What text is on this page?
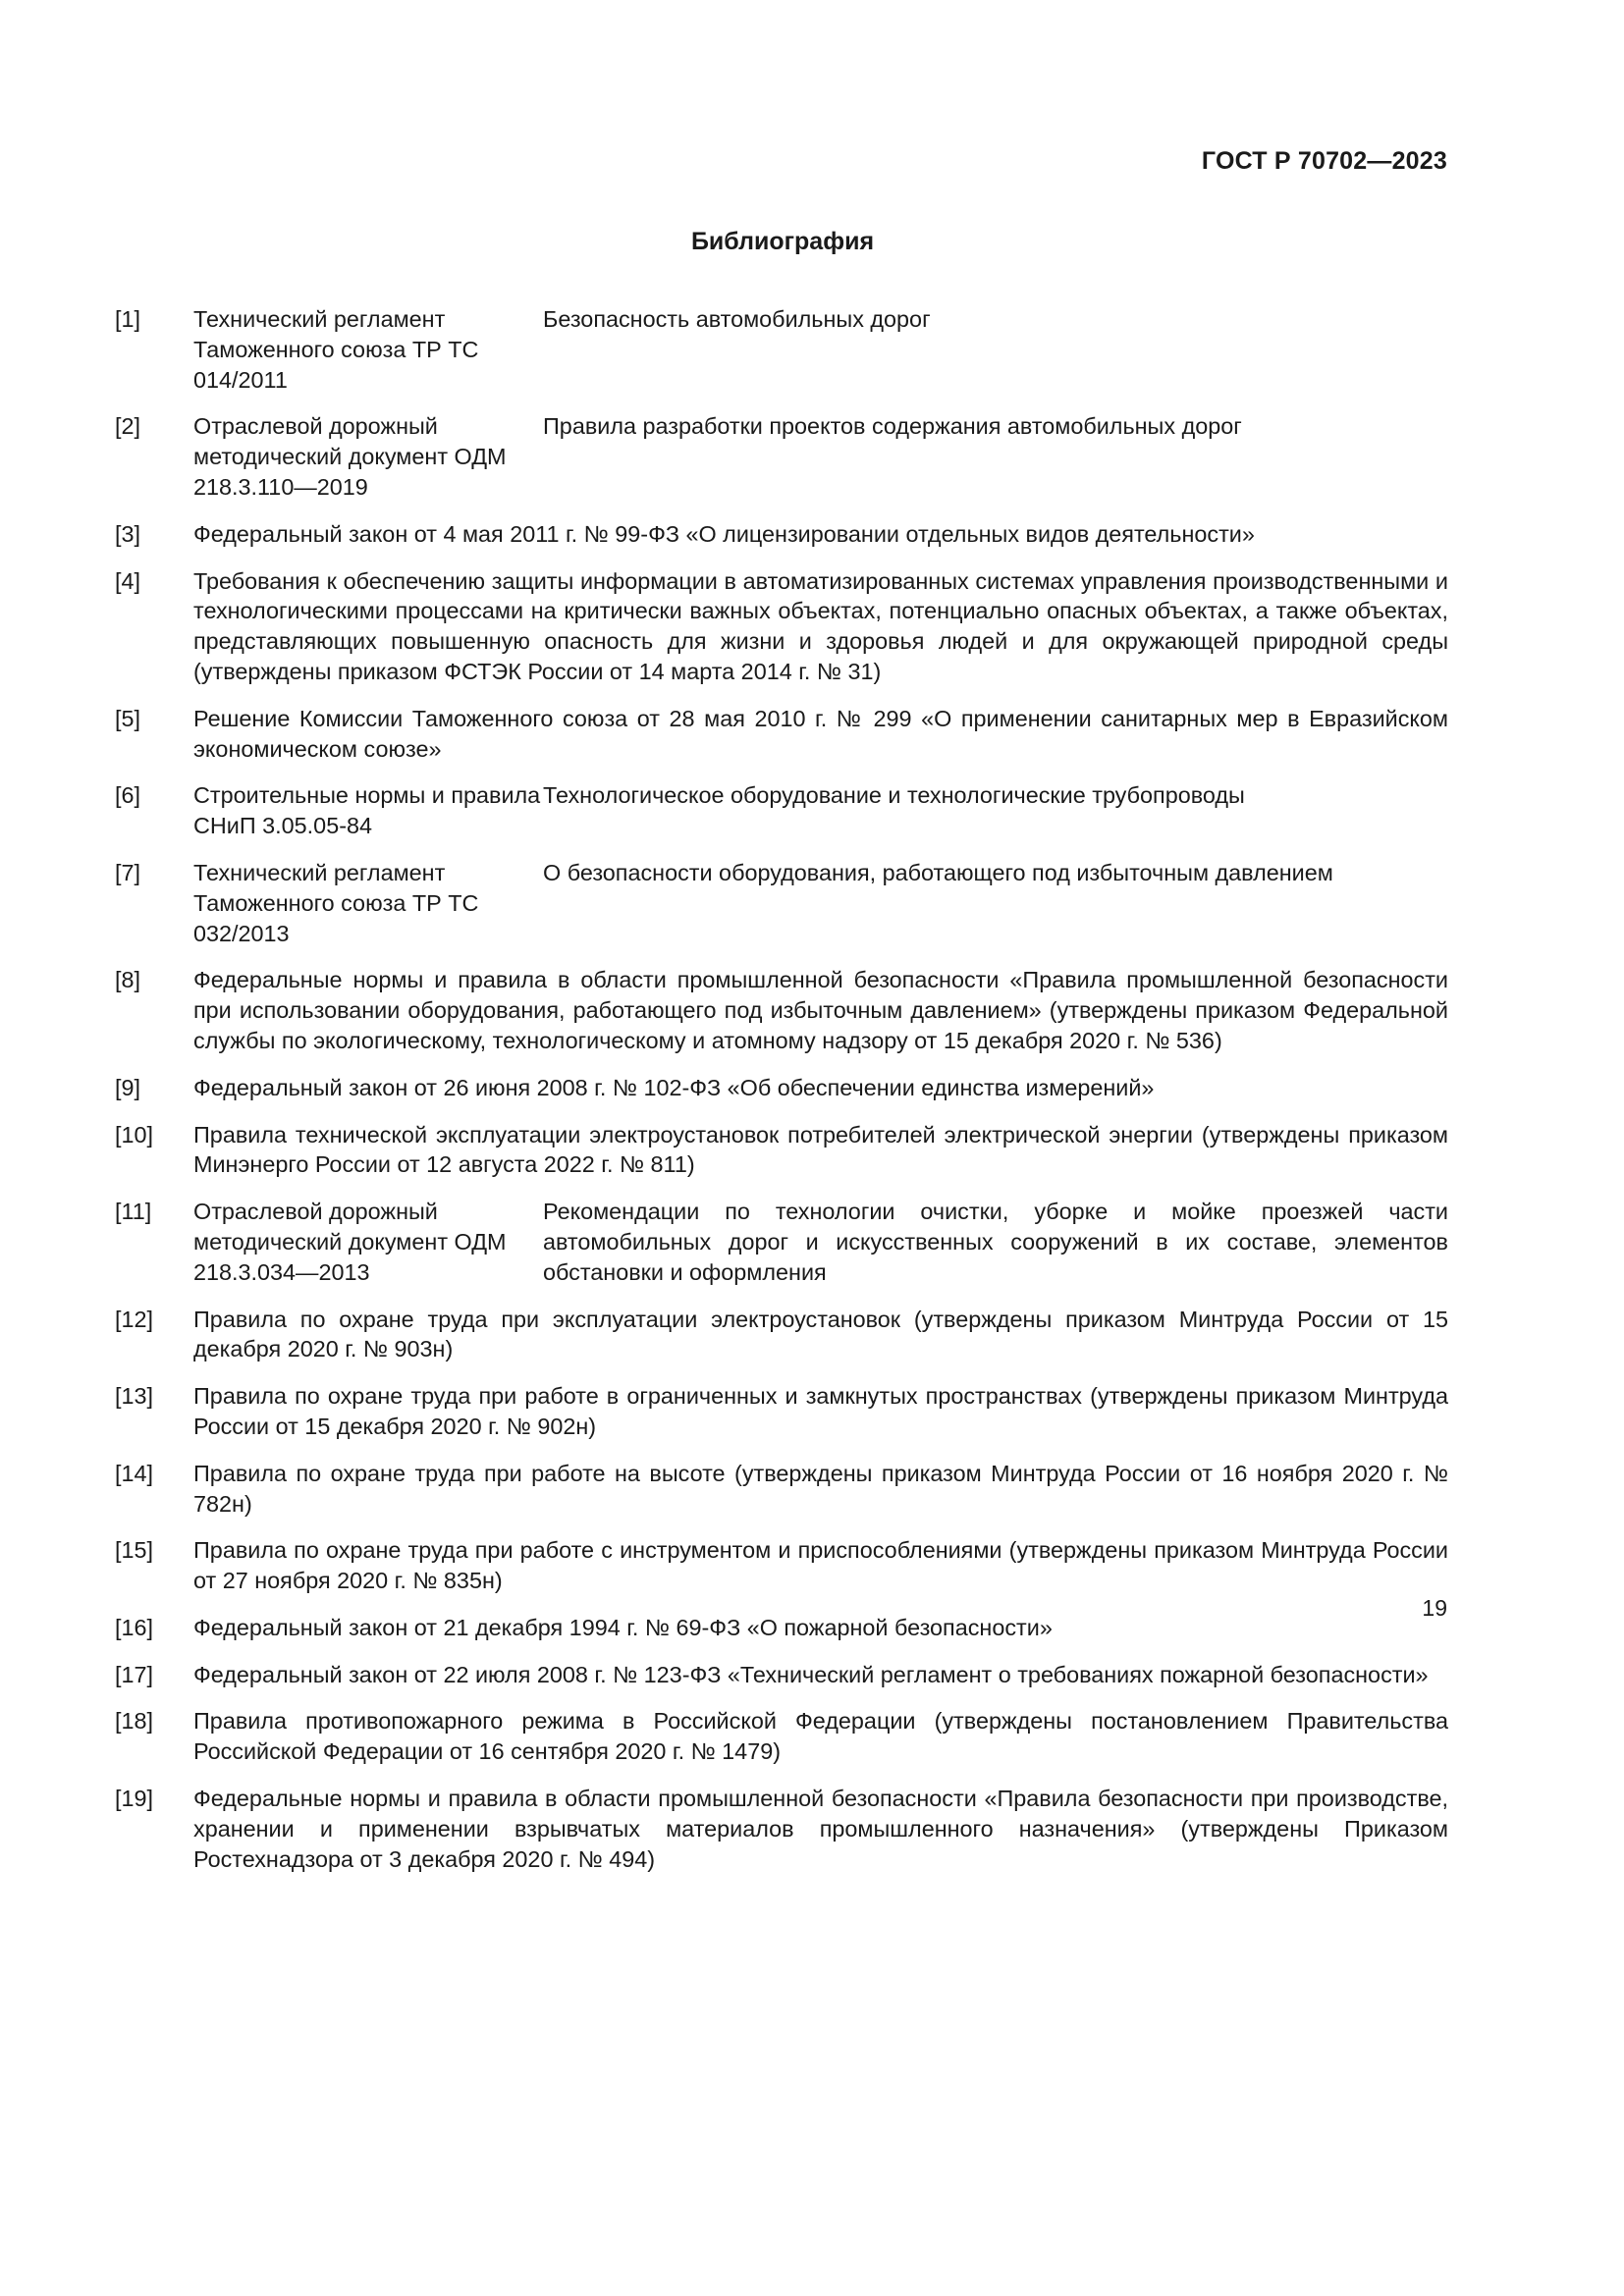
ГОСТ Р 70702—2023
Библиография
[1] Технический регламент Таможенного союза ТР ТС 014/2011
Безопасность автомобильных дорог
[2] Отраслевой дорожный методический документ ОДМ 218.3.110—2019
Правила разработки проектов содержания автомобильных дорог
[3] Федеральный закон от 4 мая 2011 г. № 99-ФЗ «О лицензировании отдельных видов деятельности»
[4] Требования к обеспечению защиты информации в автоматизированных системах управления производственными и технологическими процессами на критически важных объектах, потенциально опасных объектах, а также объектах, представляющих повышенную опасность для жизни и здоровья людей и для окружающей природной среды (утверждены приказом ФСТЭК России от 14 марта 2014 г. № 31)
[5] Решение Комиссии Таможенного союза от 28 мая 2010 г. № 299 «О применении санитарных мер в Евразийском экономическом союзе»
[6] Строительные нормы и правила СНиП 3.05.05-84
Технологическое оборудование и технологические трубопроводы
[7] Технический регламент Таможенного союза ТР ТС 032/2013
О безопасности оборудования, работающего под избыточным давлением
[8] Федеральные нормы и правила в области промышленной безопасности «Правила промышленной безопасности при использовании оборудования, работающего под избыточным давлением» (утверждены приказом Федеральной службы по экологическому, технологическому и атомному надзору от 15 декабря 2020 г. № 536)
[9] Федеральный закон от 26 июня 2008 г. № 102-ФЗ «Об обеспечении единства измерений»
[10] Правила технической эксплуатации электроустановок потребителей электрической энергии (утверждены приказом Минэнерго России от 12 августа 2022 г. № 811)
[11] Отраслевой дорожный методический документ ОДМ 218.3.034—2013
Рекомендации по технологии очистки, уборке и мойке проезжей части автомобильных дорог и искусственных сооружений в их составе, элементов обстановки и оформления
[12] Правила по охране труда при эксплуатации электроустановок (утверждены приказом Минтруда России от 15 декабря 2020 г. № 903н)
[13] Правила по охране труда при работе в ограниченных и замкнутых пространствах (утверждены приказом Минтруда России от 15 декабря 2020 г. № 902н)
[14] Правила по охране труда при работе на высоте (утверждены приказом Минтруда России от 16 ноября 2020 г. № 782н)
[15] Правила по охране труда при работе с инструментом и приспособлениями (утверждены приказом Минтруда России от 27 ноября 2020 г. № 835н)
[16] Федеральный закон от 21 декабря 1994 г. № 69-ФЗ «О пожарной безопасности»
[17] Федеральный закон от 22 июля 2008 г. № 123-ФЗ «Технический регламент о требованиях пожарной безопасности»
[18] Правила противопожарного режима в Российской Федерации (утверждены постановлением Правительства Российской Федерации от 16 сентября 2020 г. № 1479)
[19] Федеральные нормы и правила в области промышленной безопасности «Правила безопасности при производстве, хранении и применении взрывчатых материалов промышленного назначения» (утверждены Приказом Ростехнадзора от 3 декабря 2020 г. № 494)
19
